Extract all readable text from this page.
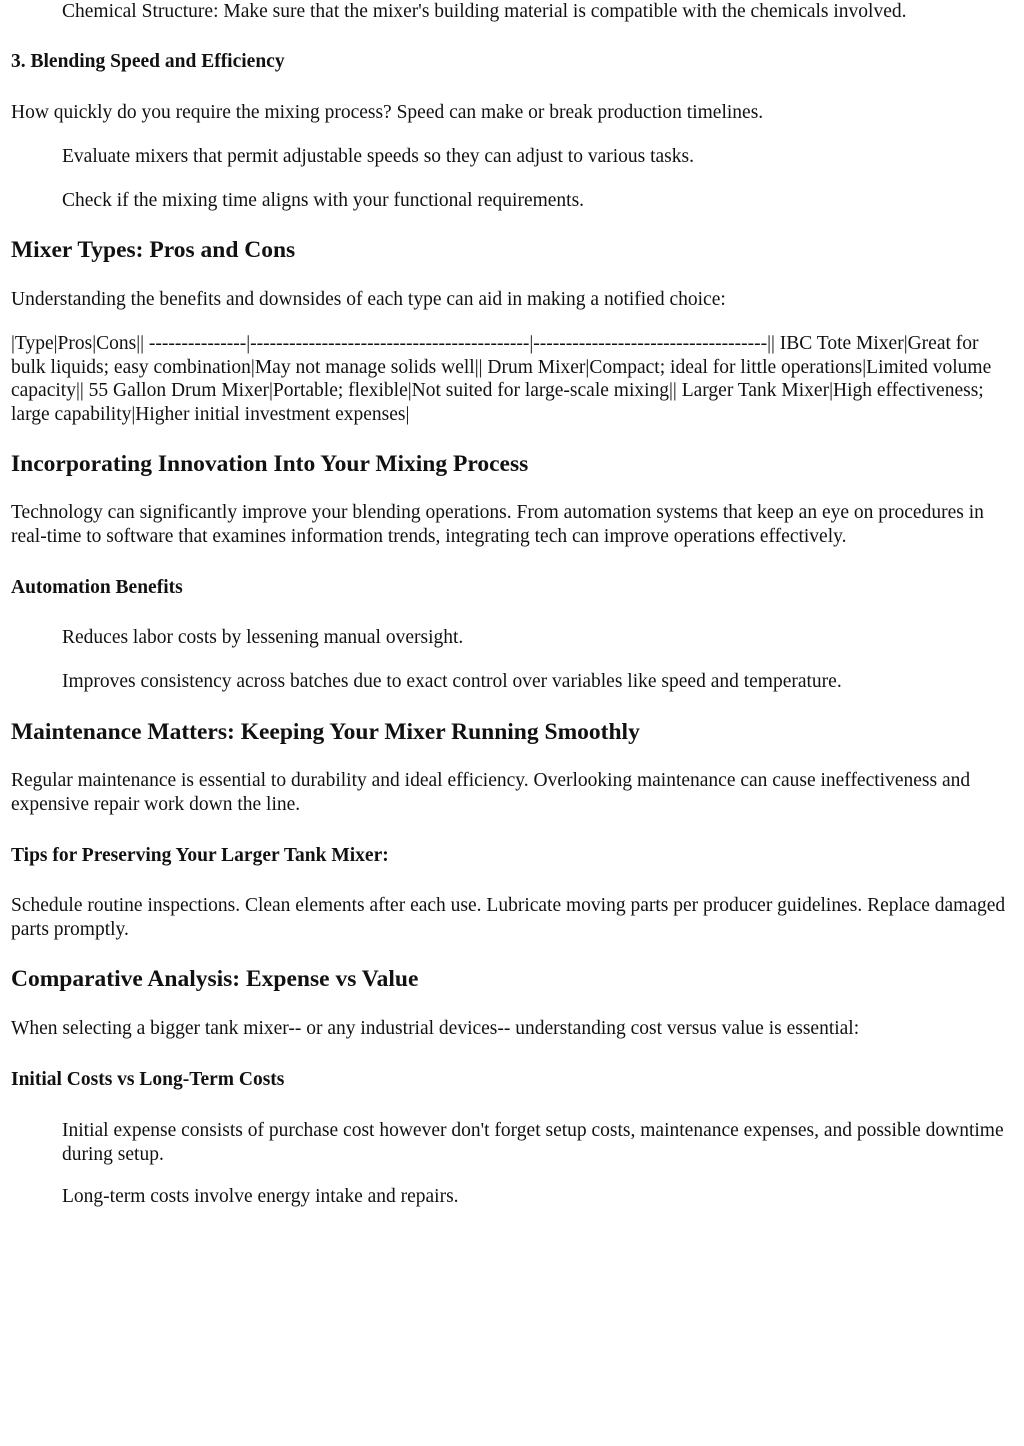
Chemical Structure: Make sure that the mixer's building material is compatible with the chemicals involved.
3. Blending Speed and Efficiency
How quickly do you require the mixing process? Speed can make or break production timelines.
Evaluate mixers that permit adjustable speeds so they can adjust to various tasks.
Check if the mixing time aligns with your functional requirements.
Mixer Types: Pros and Cons
Understanding the benefits and downsides of each type can aid in making a notified choice:
|Type|Pros|Cons|| ---------------|-------------------------------------------|------------------------------------|| IBC Tote Mixer|Great for bulk liquids; easy combination|May not manage solids well|| Drum Mixer|Compact; ideal for little operations|Limited volume capacity|| 55 Gallon Drum Mixer|Portable; flexible|Not suited for large-scale mixing|| Larger Tank Mixer|High effectiveness; large capability|Higher initial investment expenses|
Incorporating Innovation Into Your Mixing Process
Technology can significantly improve your blending operations. From automation systems that keep an eye on procedures in real-time to software that examines information trends, integrating tech can improve operations effectively.
Automation Benefits
Reduces labor costs by lessening manual oversight.
Improves consistency across batches due to exact control over variables like speed and temperature.
Maintenance Matters: Keeping Your Mixer Running Smoothly
Regular maintenance is essential to durability and ideal efficiency. Overlooking maintenance can cause ineffectiveness and expensive repair work down the line.
Tips for Preserving Your Larger Tank Mixer:
Schedule routine inspections. Clean elements after each use. Lubricate moving parts per producer guidelines. Replace damaged parts promptly.
Comparative Analysis: Expense vs Value
When selecting a bigger tank mixer-- or any industrial devices-- understanding cost versus value is essential:
Initial Costs vs Long-Term Costs
Initial expense consists of purchase cost however don't forget setup costs, maintenance expenses, and possible downtime during setup.
Long-term costs involve energy intake and repairs.
